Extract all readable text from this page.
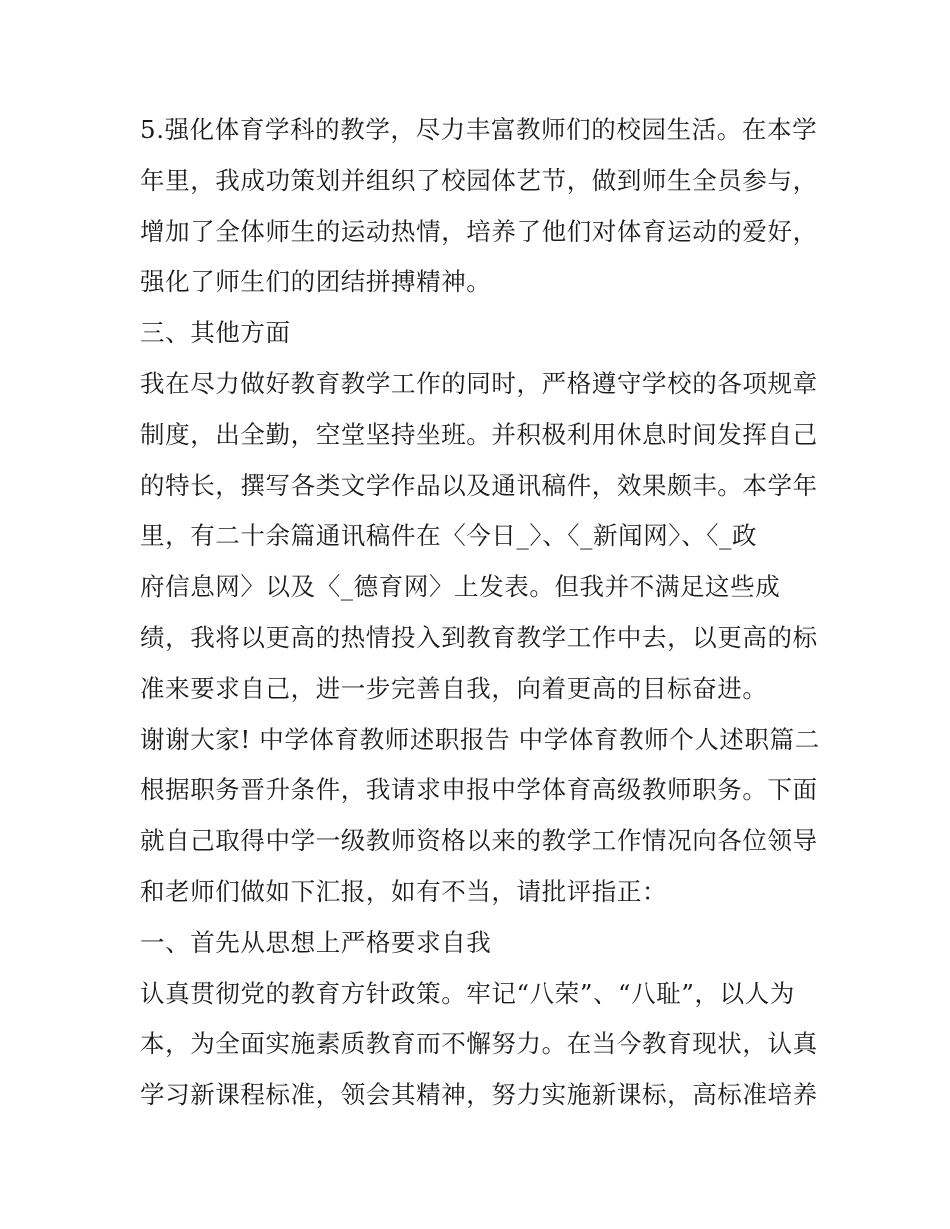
5.强化体育学科的教学，尽力丰富教师们的校园生活。在本学
年里，我成功策划并组织了校园体艺节，做到师生全员参与，
增加了全体师生的运动热情，培养了他们对体育运动的爱好，
强化了师生们的团结拼搏精神。
三、其他方面
我在尽力做好教育教学工作的同时，严格遵守学校的各项规章
制度，出全勤，空堂坚持坐班。并积极利用休息时间发挥自己
的特长，撰写各类文学作品以及通讯稿件，效果颇丰。本学年
里，有二十余篇通讯稿件在〈今日_〉、〈_新闻网〉、〈_政
府信息网〉以及〈_德育网〉上发表。但我并不满足这些成
绩，我将以更高的热情投入到教育教学工作中去，以更高的标
准来要求自己，进一步完善自我，向着更高的目标奋进。
谢谢大家! 中学体育教师述职报告 中学体育教师个人述职篇二
根据职务晋升条件，我请求申报中学体育高级教师职务。下面
就自己取得中学一级教师资格以来的教学工作情况向各位领导
和老师们做如下汇报，如有不当，请批评指正：
一、首先从思想上严格要求自我
认真贯彻党的教育方针政策。牢记“八荣”、“八耻”，以人为
本，为全面实施素质教育而不懈努力。在当今教育现状，认真
学习新课程标准，领会其精神，努力实施新课标，高标准培养
